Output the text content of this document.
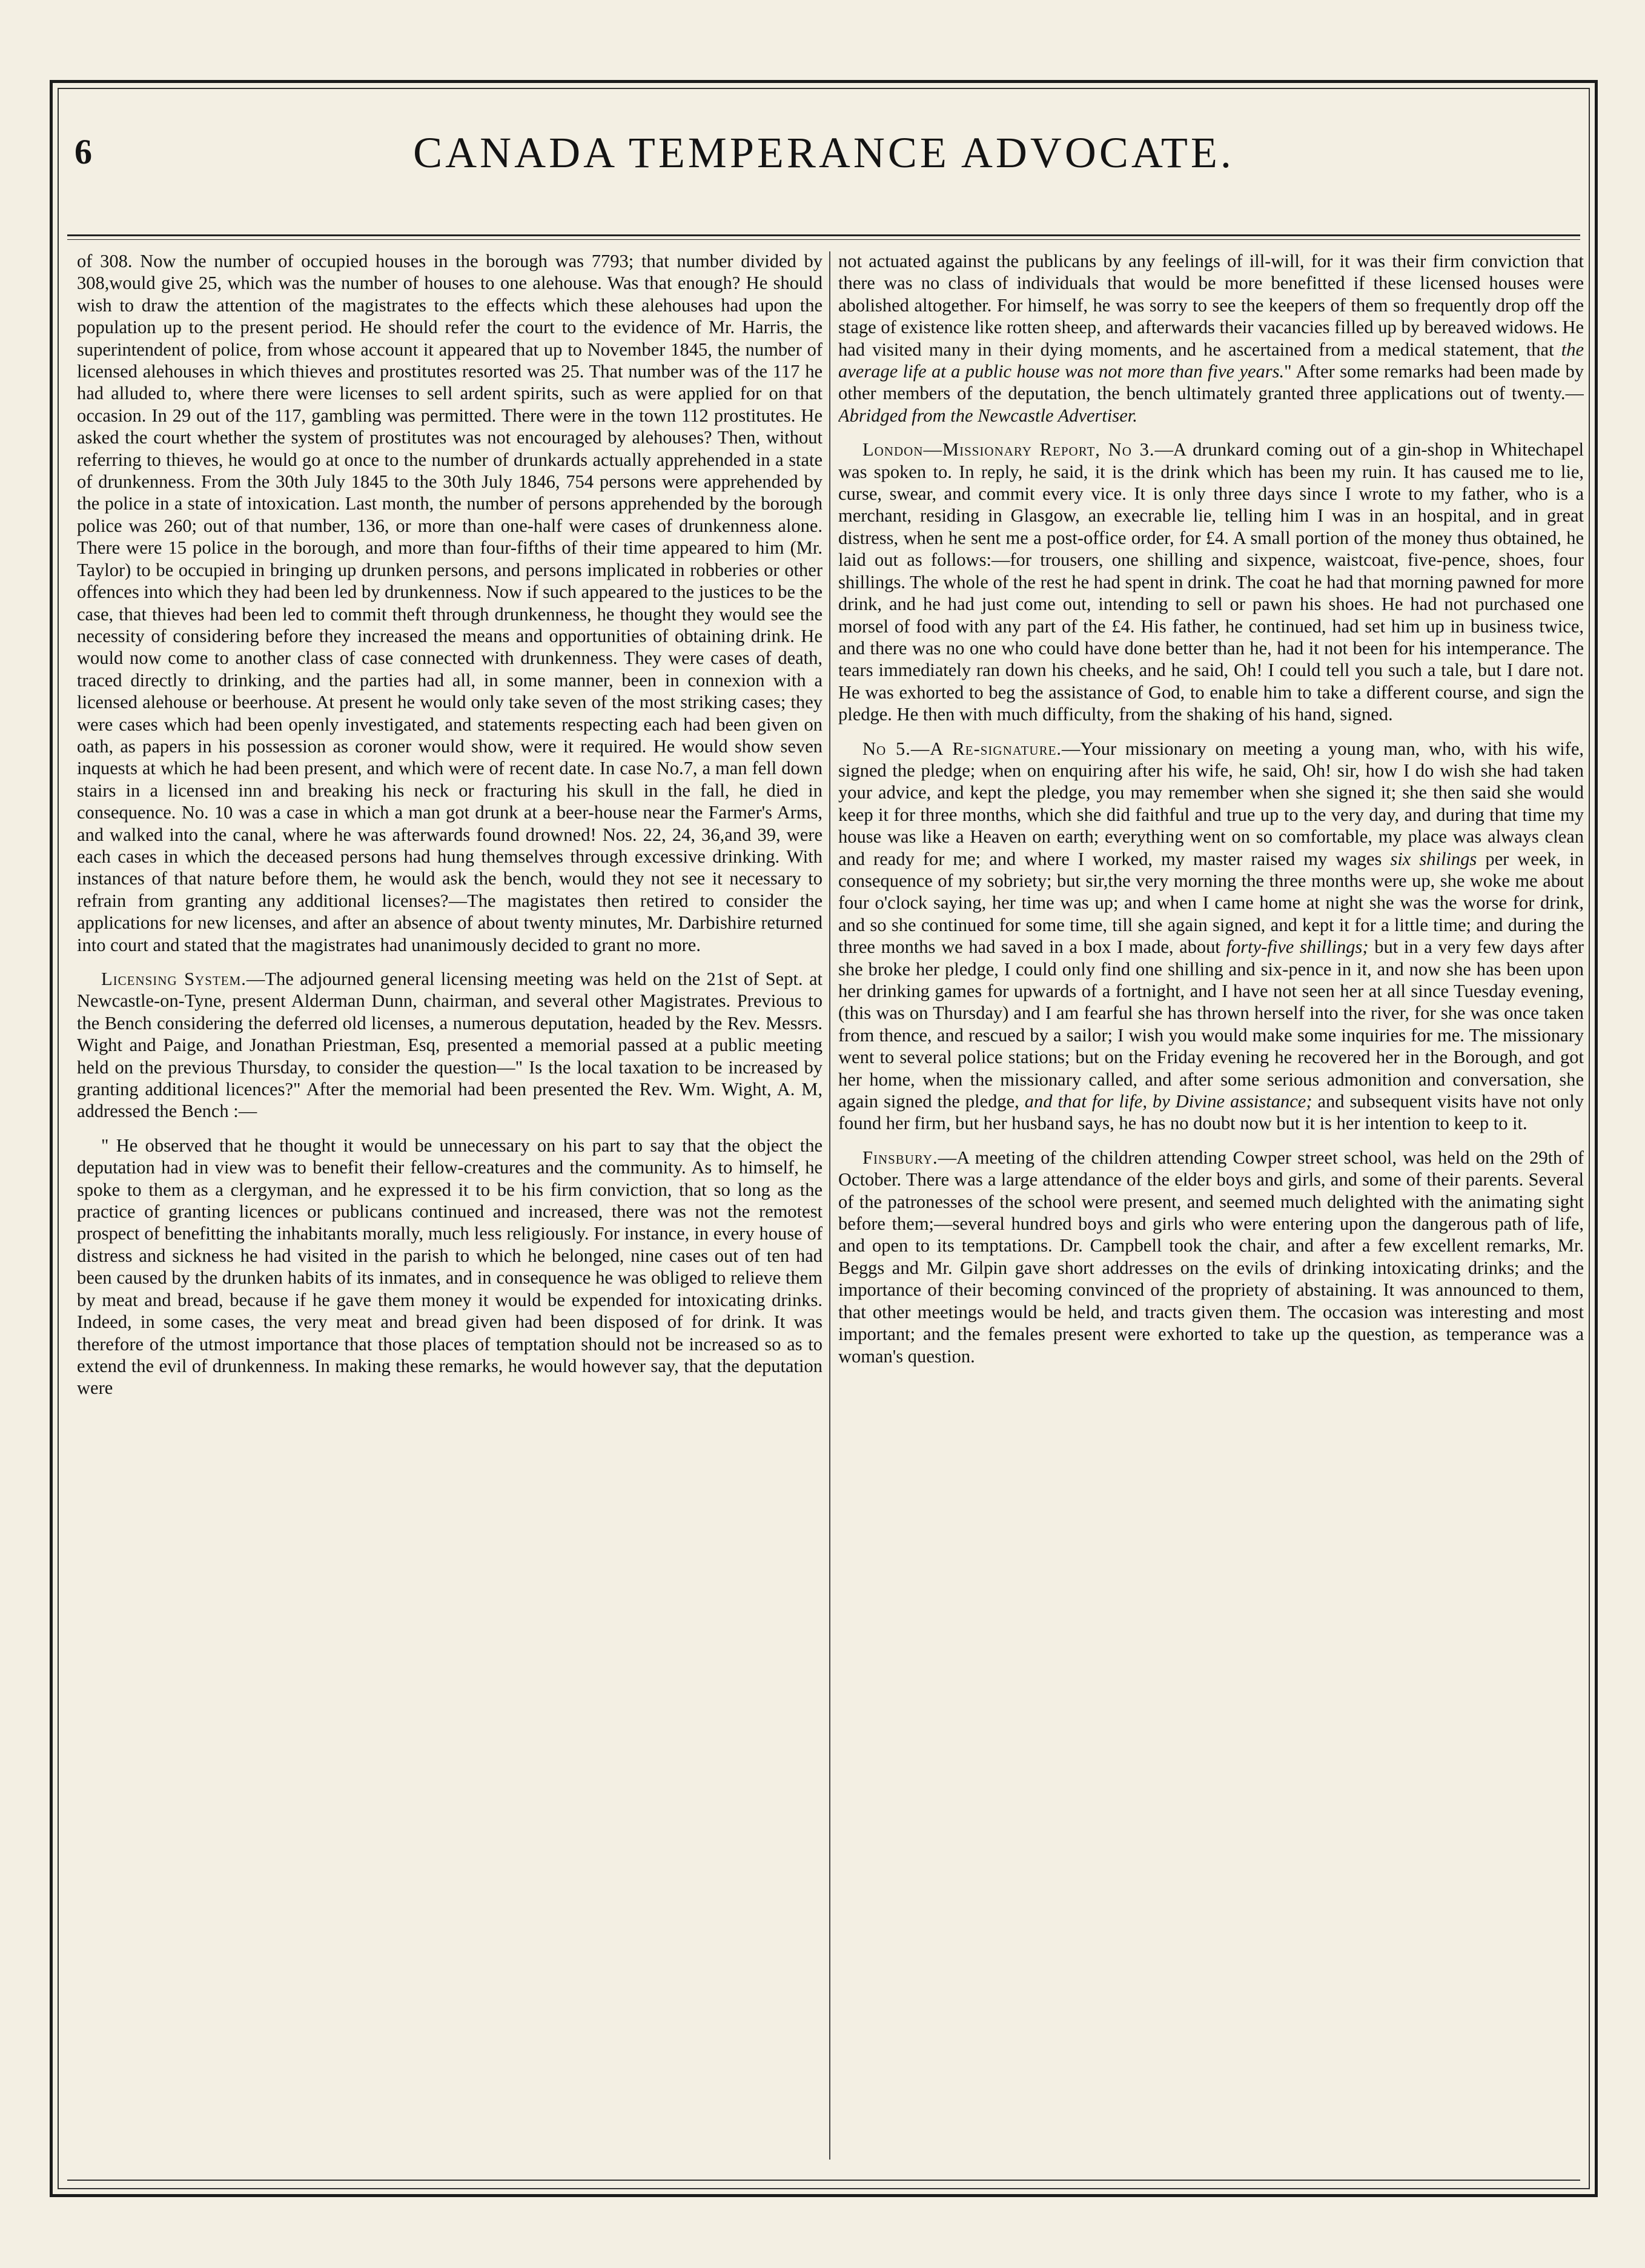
6	CANADA TEMPERANCE ADVOCATE.

of 308. Now the number of occupied houses in the borough was 7793; that number divided by 308,would give 25, which was the number of houses to one alehouse. Was that enough? He should wish to draw the attention of the magistrates to the effects which these alehouses had upon the population up to the present period. He should refer the court to the evidence of Mr. Harris, the superintendent of police, from whose account it appeared that up to November 1845, the number of licensed alehouses in which thieves and prostitutes resorted was 25. That number was of the 117 he had alluded to, where there were licenses to sell ardent spirits, such as were applied for on that occasion. In 29 out of the 117, gambling was permitted. There were in the town 112 prostitutes. He asked the court whether the system of prostitutes was not encouraged by alehouses? Then, without referring to thieves, he would go at once to the number of drunkards actually apprehended in a state of drunkenness. From the 30th July 1845 to the 30th July 1846, 754 persons were apprehended by the police in a state of intoxication. Last month, the number of persons apprehended by the borough police was 260; out of that number, 136, or more than one-half were cases of drunkenness alone. There were 15 police in the borough, and more than four-fifths of their time appeared to him (Mr. Taylor) to be occupied in bringing up drunken persons, and persons implicated in robberies or other offences into which they had been led by drunkenness. Now if such appeared to the justices to be the case, that thieves had been led to commit theft through drunkenness, he thought they would see the necessity of considering before they increased the means and opportunities of obtaining drink. He would now come to another class of case connected with drunkenness. They were cases of death, traced directly to drinking, and the parties had all, in some manner, been in connexion with a licensed alehouse or beerhouse. At present he would only take seven of the most striking cases; they were cases which had been openly investigated, and statements respecting each had been given on oath, as papers in his possession as coroner would show, were it required. He would show seven inquests at which he had been present, and which were of recent date. In case No.7, a man fell down stairs in a licensed inn and breaking his neck or fracturing his skull in the fall, he died in consequence. No. 10 was a case in which a man got drunk at a beer-house near the Farmer's Arms, and walked into the canal, where he was afterwards found drowned! Nos. 22, 24, 36,and 39, were each cases in which the deceased persons had hung themselves through excessive drinking. With instances of that nature before them, he would ask the bench, would they not see it necessary to refrain from granting any additional licenses?—The magistates then retired to consider the applications for new licenses, and after an absence of about twenty minutes, Mr. Darbishire returned into court and stated that the magistrates had unanimously decided to grant no more.

Licensing System.—The adjourned general licensing meeting was held on the 21st of Sept. at Newcastle-on-Tyne, present Alderman Dunn, chairman, and several other Magistrates. Previous to the Bench considering the deferred old licenses, a numerous deputation, headed by the Rev. Messrs. Wight and Paige, and Jonathan Priestman, Esq, presented a memorial passed at a public meeting held on the previous Thursday, to consider the question—" Is the local taxation to be increased by granting additional licences?" After the memorial had been presented the Rev. Wm. Wight, A. M, addressed the Bench :—

" He observed that he thought it would be unnecessary on his part to say that the object the deputation had in view was to benefit their fellow-creatures and the community. As to himself, he spoke to them as a clergyman, and he expressed it to be his firm conviction, that so long as the practice of granting licences or publicans continued and increased, there was not the remotest prospect of benefitting the inhabitants morally, much less religiously. For instance, in every house of distress and sickness he had visited in the parish to which he belonged, nine cases out of ten had been caused by the drunken habits of its inmates, and in consequence he was obliged to relieve them by meat and bread, because if he gave them money it would be expended for intoxicating drinks. Indeed, in some cases, the very meat and bread given had been disposed of for drink. It was therefore of the utmost importance that those places of temptation should not be increased so as to extend the evil of drunkenness. In making these remarks, he would however say, that the deputation were

not actuated against the publicans by any feelings of ill-will, for it was their firm conviction that there was no class of individuals that would be more benefitted if these licensed houses were abolished altogether. For himself, he was sorry to see the keepers of them so frequently drop off the stage of existence like rotten sheep, and afterwards their vacancies filled up by bereaved widows. He had visited many in their dying moments, and he ascertained from a medical statement, that the average life at a public house was not more than five years." After some remarks had been made by other members of the deputation, the bench ultimately granted three applications out of twenty.—Abridged from the Newcastle Advertiser.

London—Missionary Report, No 3.—A drunkard coming out of a gin-shop in Whitechapel was spoken to. In reply, he said, it is the drink which has been my ruin. It has caused me to lie, curse, swear, and commit every vice. It is only three days since I wrote to my father, who is a merchant, residing in Glasgow, an execrable lie, telling him I was in an hospital, and in great distress, when he sent me a post-office order, for £4. A small portion of the money thus obtained, he laid out as follows:—for trousers, one shilling and sixpence, waistcoat, five-pence, shoes, four shillings. The whole of the rest he had spent in drink. The coat he had that morning pawned for more drink, and he had just come out, intending to sell or pawn his shoes. He had not purchased one morsel of food with any part of the £4. His father, he continued, had set him up in business twice, and there was no one who could have done better than he, had it not been for his intemperance. The tears immediately ran down his cheeks, and he said, Oh! I could tell you such a tale, but I dare not. He was exhorted to beg the assistance of God, to enable him to take a different course, and sign the pledge. He then with much difficulty, from the shaking of his hand, signed.

No 5.—A Re-signature.—Your missionary on meeting a young man, who, with his wife, signed the pledge; when on enquiring after his wife, he said, Oh! sir, how I do wish she had taken your advice, and kept the pledge, you may remember when she signed it; she then said she would keep it for three months, which she did faithful and true up to the very day, and during that time my house was like a Heaven on earth; everything went on so comfortable, my place was always clean and ready for me; and where I worked, my master raised my wages six shilings per week, in consequence of my sobriety; but sir,the very morning the three months were up, she woke me about four o'clock saying, her time was up; and when I came home at night she was the worse for drink, and so she continued for some time, till she again signed, and kept it for a little time; and during the three months we had saved in a box I made, about forty-five shillings; but in a very few days after she broke her pledge, I could only find one shilling and six-pence in it, and now she has been upon her drinking games for upwards of a fortnight, and I have not seen her at all since Tuesday evening, (this was on Thursday) and I am fearful she has thrown herself into the river, for she was once taken from thence, and rescued by a sailor; I wish you would make some inquiries for me. The missionary went to several police stations; but on the Friday evening he recovered her in the Borough, and got her home, when the missionary called, and after some serious admonition and conversation, she again signed the pledge, and that for life, by Divine assistance; and subsequent visits have not only found her firm, but her husband says, he has no doubt now but it is her intention to keep to it.

Finsbury.—A meeting of the children attending Cowper street school, was held on the 29th of October. There was a large attendance of the elder boys and girls, and some of their parents. Several of the patronesses of the school were present, and seemed much delighted with the animating sight before them;—several hundred boys and girls who were entering upon the dangerous path of life, and open to its temptations. Dr. Campbell took the chair, and after a few excellent remarks, Mr. Beggs and Mr. Gilpin gave short addresses on the evils of drinking intoxicating drinks; and the importance of their becoming convinced of the propriety of abstaining. It was announced to them, that other meetings would be held, and tracts given them. The occasion was interesting and most important; and the females present were exhorted to take up the question, as temperance was a woman's question.
